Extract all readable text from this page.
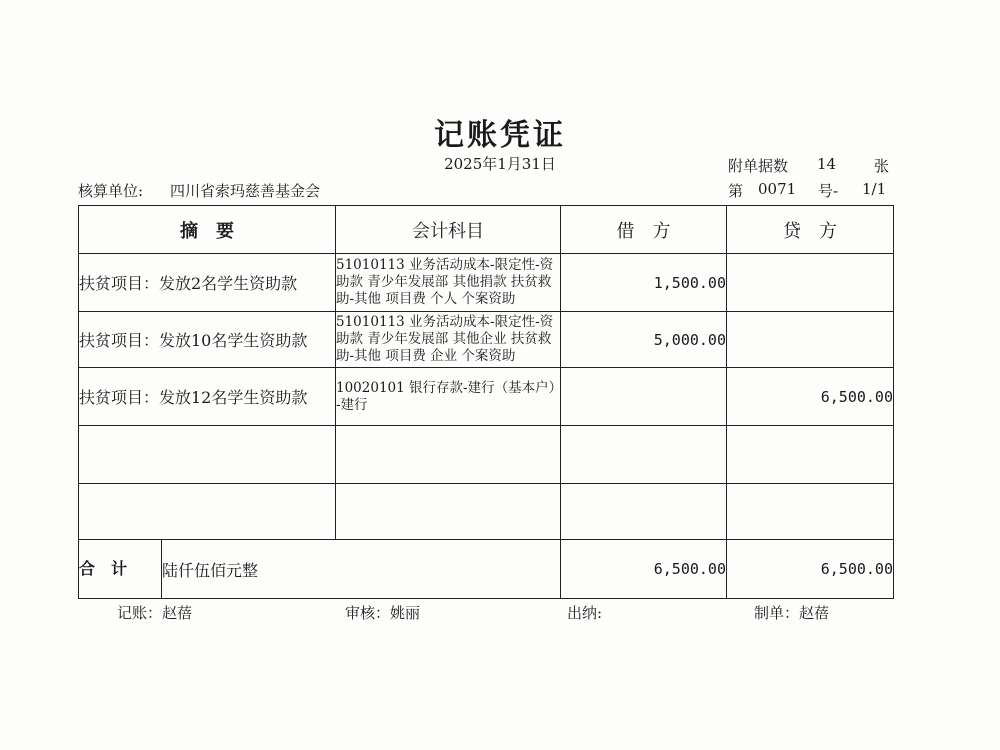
记账凭证
2025年1月31日	附单据数 14	张
核算单位: 四川省索玛慈善基金会	第 0071 号- 1/1
摘　要	会计科目	借　方	贷　方
扶贫项目：发放2名学生资助款	51010113 业务活动成本-限定性-资助款 青少年发展部 其他捐款 扶贫救助-其他 项目费 个人 个案资助	1,500.00	
扶贫项目：发放10名学生资助款	51010113 业务活动成本-限定性-资助款 青少年发展部 其他企业 扶贫救助-其他 项目费 企业 个案资助	5,000.00	
扶贫项目：发放12名学生资助款	10020101 银行存款-建行（基本户）-建行		6,500.00

合　计 陆仟伍佰元整		6,500.00	6,500.00
记账：赵蓓	审核：姚丽	出纳:	制单：赵蓓
